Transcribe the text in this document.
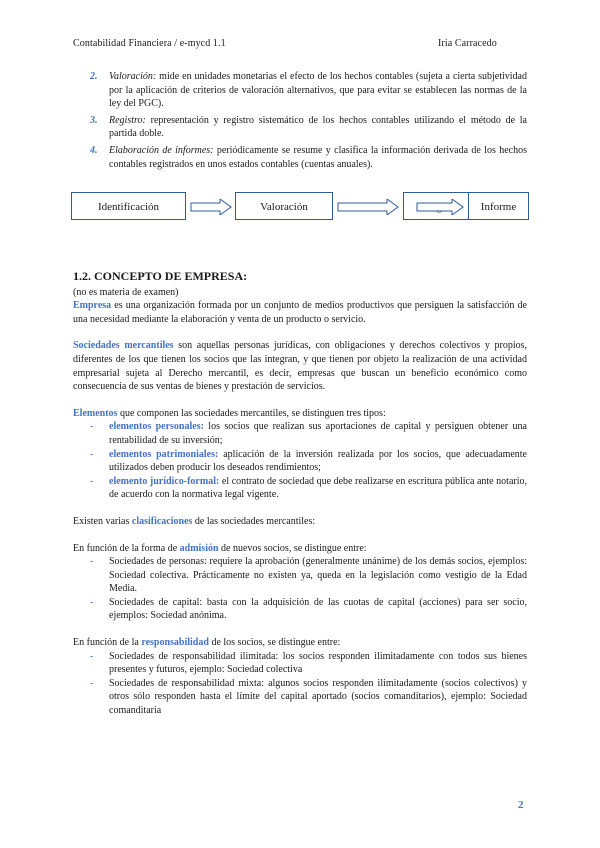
Contabilidad Financiera / e-mycd 1.1	Iria Carracedo

2. Valoración: mide en unidades monetarias el efecto de los hechos contables (sujeta a cierta subjetividad por la aplicación de criterios de valoración alternativos, que para evitar se establecen las normas de la ley del PGC).

3. Registro: representación y registro sistemático de los hechos contables utilizando el método de la partida doble.

4. Elaboración de informes: periódicamente se resume y clasifica la información derivada de los hechos contables registrados en unos estados contables (cuentas anuales).

Identificación	Valoración	Informe
1.2. CONCEPTO DE EMPRESA:

(no es materia de examen)

Empresa es una organización formada por un conjunto de medios productivos que persiguen la satisfacción de una necesidad mediante la elaboración y venta de un producto o servicio.

Sociedades mercantiles son aquellas personas jurídicas, con obligaciones y derechos colectivos y propios, diferentes de los que tienen los socios que las integran, y que tienen por objeto la realización de una actividad empresarial sujeta al Derecho mercantil, es decir, empresas que buscan un beneficio económico como consecuencia de sus ventas de bienes y prestación de servicios.

Elementos que componen las sociedades mercantiles, se distinguen tres tipos:

- elementos personales: los socios que realizan sus aportaciones de capital y persiguen obtener una rentabilidad de su inversión;

- elementos patrimoniales: aplicación de la inversión realizada por los socios, que adecuadamente utilizados deben producir los deseados rendimientos;

- elemento jurídico-formal: el contrato de sociedad que debe realizarse en escritura pública ante notario, de acuerdo con la normativa legal vigente.

Existen varias clasificaciones de las sociedades mercantiles:

En función de la forma de admisión de nuevos socios, se distingue entre:

- Sociedades de personas: requiere la aprobación (generalmente unánime) de los demás socios, ejemplos: Sociedad colectiva. Prácticamente no existen ya, queda en la legislación como vestigio de la Edad Media.

- Sociedades de capital: basta con la adquisición de las cuotas de capital (acciones) para ser socio, ejemplos: Sociedad anónima.

En función de la responsabilidad de los socios, se distingue entre:

- Sociedades de responsabilidad ilimitada: los socios responden ilimitadamente con todos sus bienes presentes y futuros, ejemplo: Sociedad colectiva

- Sociedades de responsabilidad mixta: algunos socios responden ilimitadamente (socios colectivos) y otros sólo responden hasta el límite del capital aportado (socios comanditarios), ejemplo: Sociedad comanditaria

2
